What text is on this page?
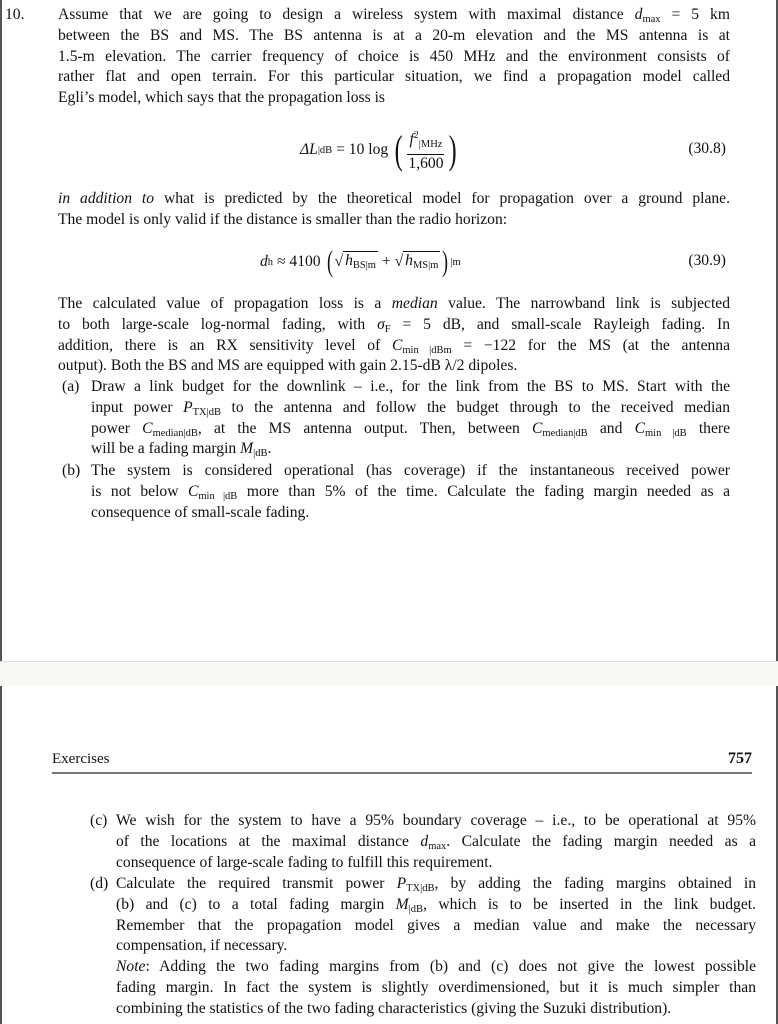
10. Assume that we are going to design a wireless system with maximal distance dmax = 5 km
between the BS and MS. The BS antenna is at a 20-m elevation and the MS antenna is at
1.5-m elevation. The carrier frequency of choice is 450 MHz and the environment consists of
rather flat and open terrain. For this particular situation, we find a propagation model called
Egli’s model, which says that the propagation loss is
ΔL |dB = 10 log ( $\frac{f^2|MHz}{1,600}$ )	(30.8)
in addition to what is predicted by the theoretical model for propagation over a ground plane.
The model is only valid if the distance is smaller than the radio horizon:
d h ≈ 4100 ( √ hBS|m + √ hMS|m ) |m	(30.9)
The calculated value of propagation loss is a median value. The narrowband link is subjected
to both large-scale log-normal fading, with σF = 5 dB, and small-scale Rayleigh fading. In
addition, there is an RX sensitivity level of Cmin |dBm = −122 for the MS (at the antenna
output). Both the BS and MS are equipped with gain 2.15-dB λ/2 dipoles.
(a) Draw a link budget for the downlink – i.e., for the link from the BS to MS. Start with the
input power PTX|dB to the antenna and follow the budget through to the received median
power Cmedian|dB, at the MS antenna output. Then, between Cmedian|dB and Cmin |dB there
will be a fading margin M|dB.
(b) The system is considered operational (has coverage) if the instantaneous received power
is not below Cmin |dB more than 5% of the time. Calculate the fading margin needed as a
consequence of small-scale fading.
Exercises	757
(c) We wish for the system to have a 95% boundary coverage – i.e., to be operational at 95%
of the locations at the maximal distance dmax. Calculate the fading margin needed as a
consequence of large-scale fading to fulfill this requirement.
(d) Calculate the required transmit power PTX|dB, by adding the fading margins obtained in
(b) and (c) to a total fading margin M|dB, which is to be inserted in the link budget.
Remember that the propagation model gives a median value and make the necessary
compensation, if necessary.
Note: Adding the two fading margins from (b) and (c) does not give the lowest possible
fading margin. In fact the system is slightly overdimensioned, but it is much simpler than
combining the statistics of the two fading characteristics (giving the Suzuki distribution).
